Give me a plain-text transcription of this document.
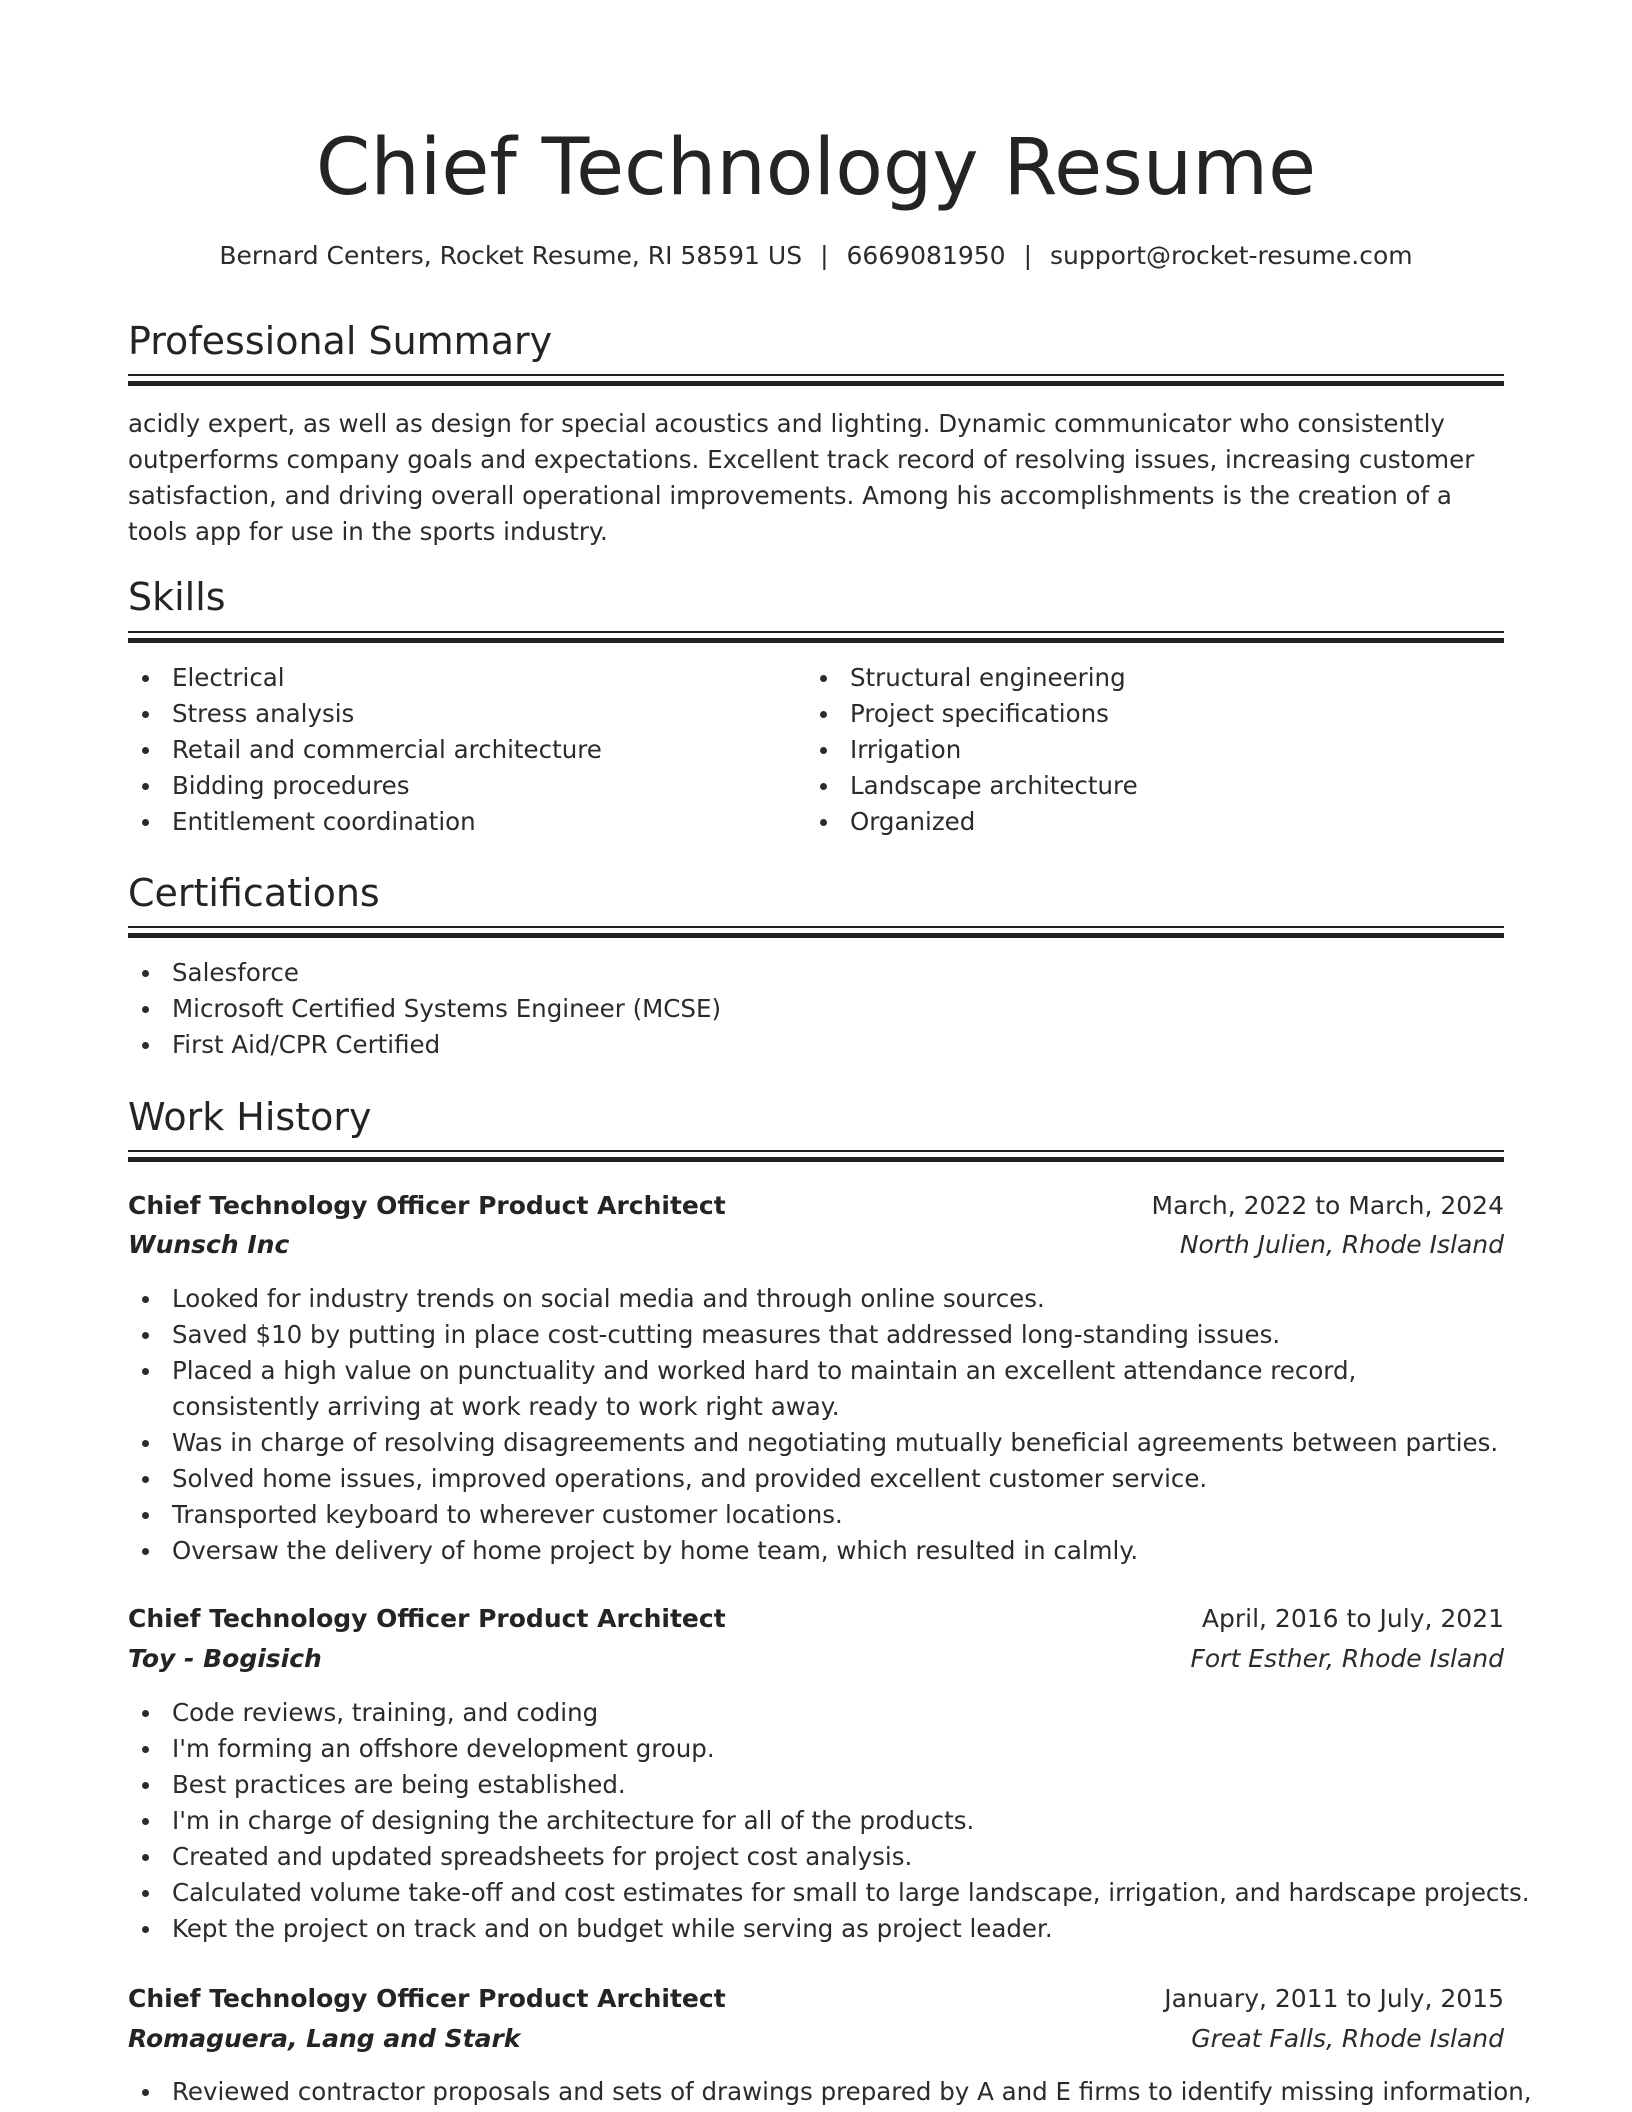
Chief Technology Resume
Bernard Centers, Rocket Resume, RI 58591 US | 6669081950 | support@rocket-resume.com
Professional Summary

acidly expert, as well as design for special acoustics and lighting. Dynamic communicator who consistently outperforms company goals and expectations. Excellent track record of resolving issues, increasing customer satisfaction, and driving overall operational improvements. Among his accomplishments is the creation of a tools app for use in the sports industry.

Skills
Electrical
Stress analysis
Retail and commercial architecture
Bidding procedures
Entitlement coordination
Structural engineering
Project specifications
Irrigation
Landscape architecture
Organized
Certifications
Salesforce
Microsoft Certified Systems Engineer (MCSE)
First Aid/CPR Certified
Work History
Chief Technology Officer Product Architect	March, 2022 to March, 2024
Wunsch Inc	North Julien, Rhode Island
Looked for industry trends on social media and through online sources.
Saved $10 by putting in place cost-cutting measures that addressed long-standing issues.
Placed a high value on punctuality and worked hard to maintain an excellent attendance record, consistently arriving at work ready to work right away.
Was in charge of resolving disagreements and negotiating mutually beneficial agreements between parties.
Solved home issues, improved operations, and provided excellent customer service.
Transported keyboard to wherever customer locations.
Oversaw the delivery of home project by home team, which resulted in calmly.
Chief Technology Officer Product Architect	April, 2016 to July, 2021
Toy - Bogisich	Fort Esther, Rhode Island
Code reviews, training, and coding
I'm forming an offshore development group.
Best practices are being established.
I'm in charge of designing the architecture for all of the products.
Created and updated spreadsheets for project cost analysis.
Calculated volume take-off and cost estimates for small to large landscape, irrigation, and hardscape projects.
Kept the project on track and on budget while serving as project leader.
Chief Technology Officer Product Architect	January, 2011 to July, 2015
Romaguera, Lang and Stark	Great Falls, Rhode Island
Reviewed contractor proposals and sets of drawings prepared by A and E firms to identify missing information,
